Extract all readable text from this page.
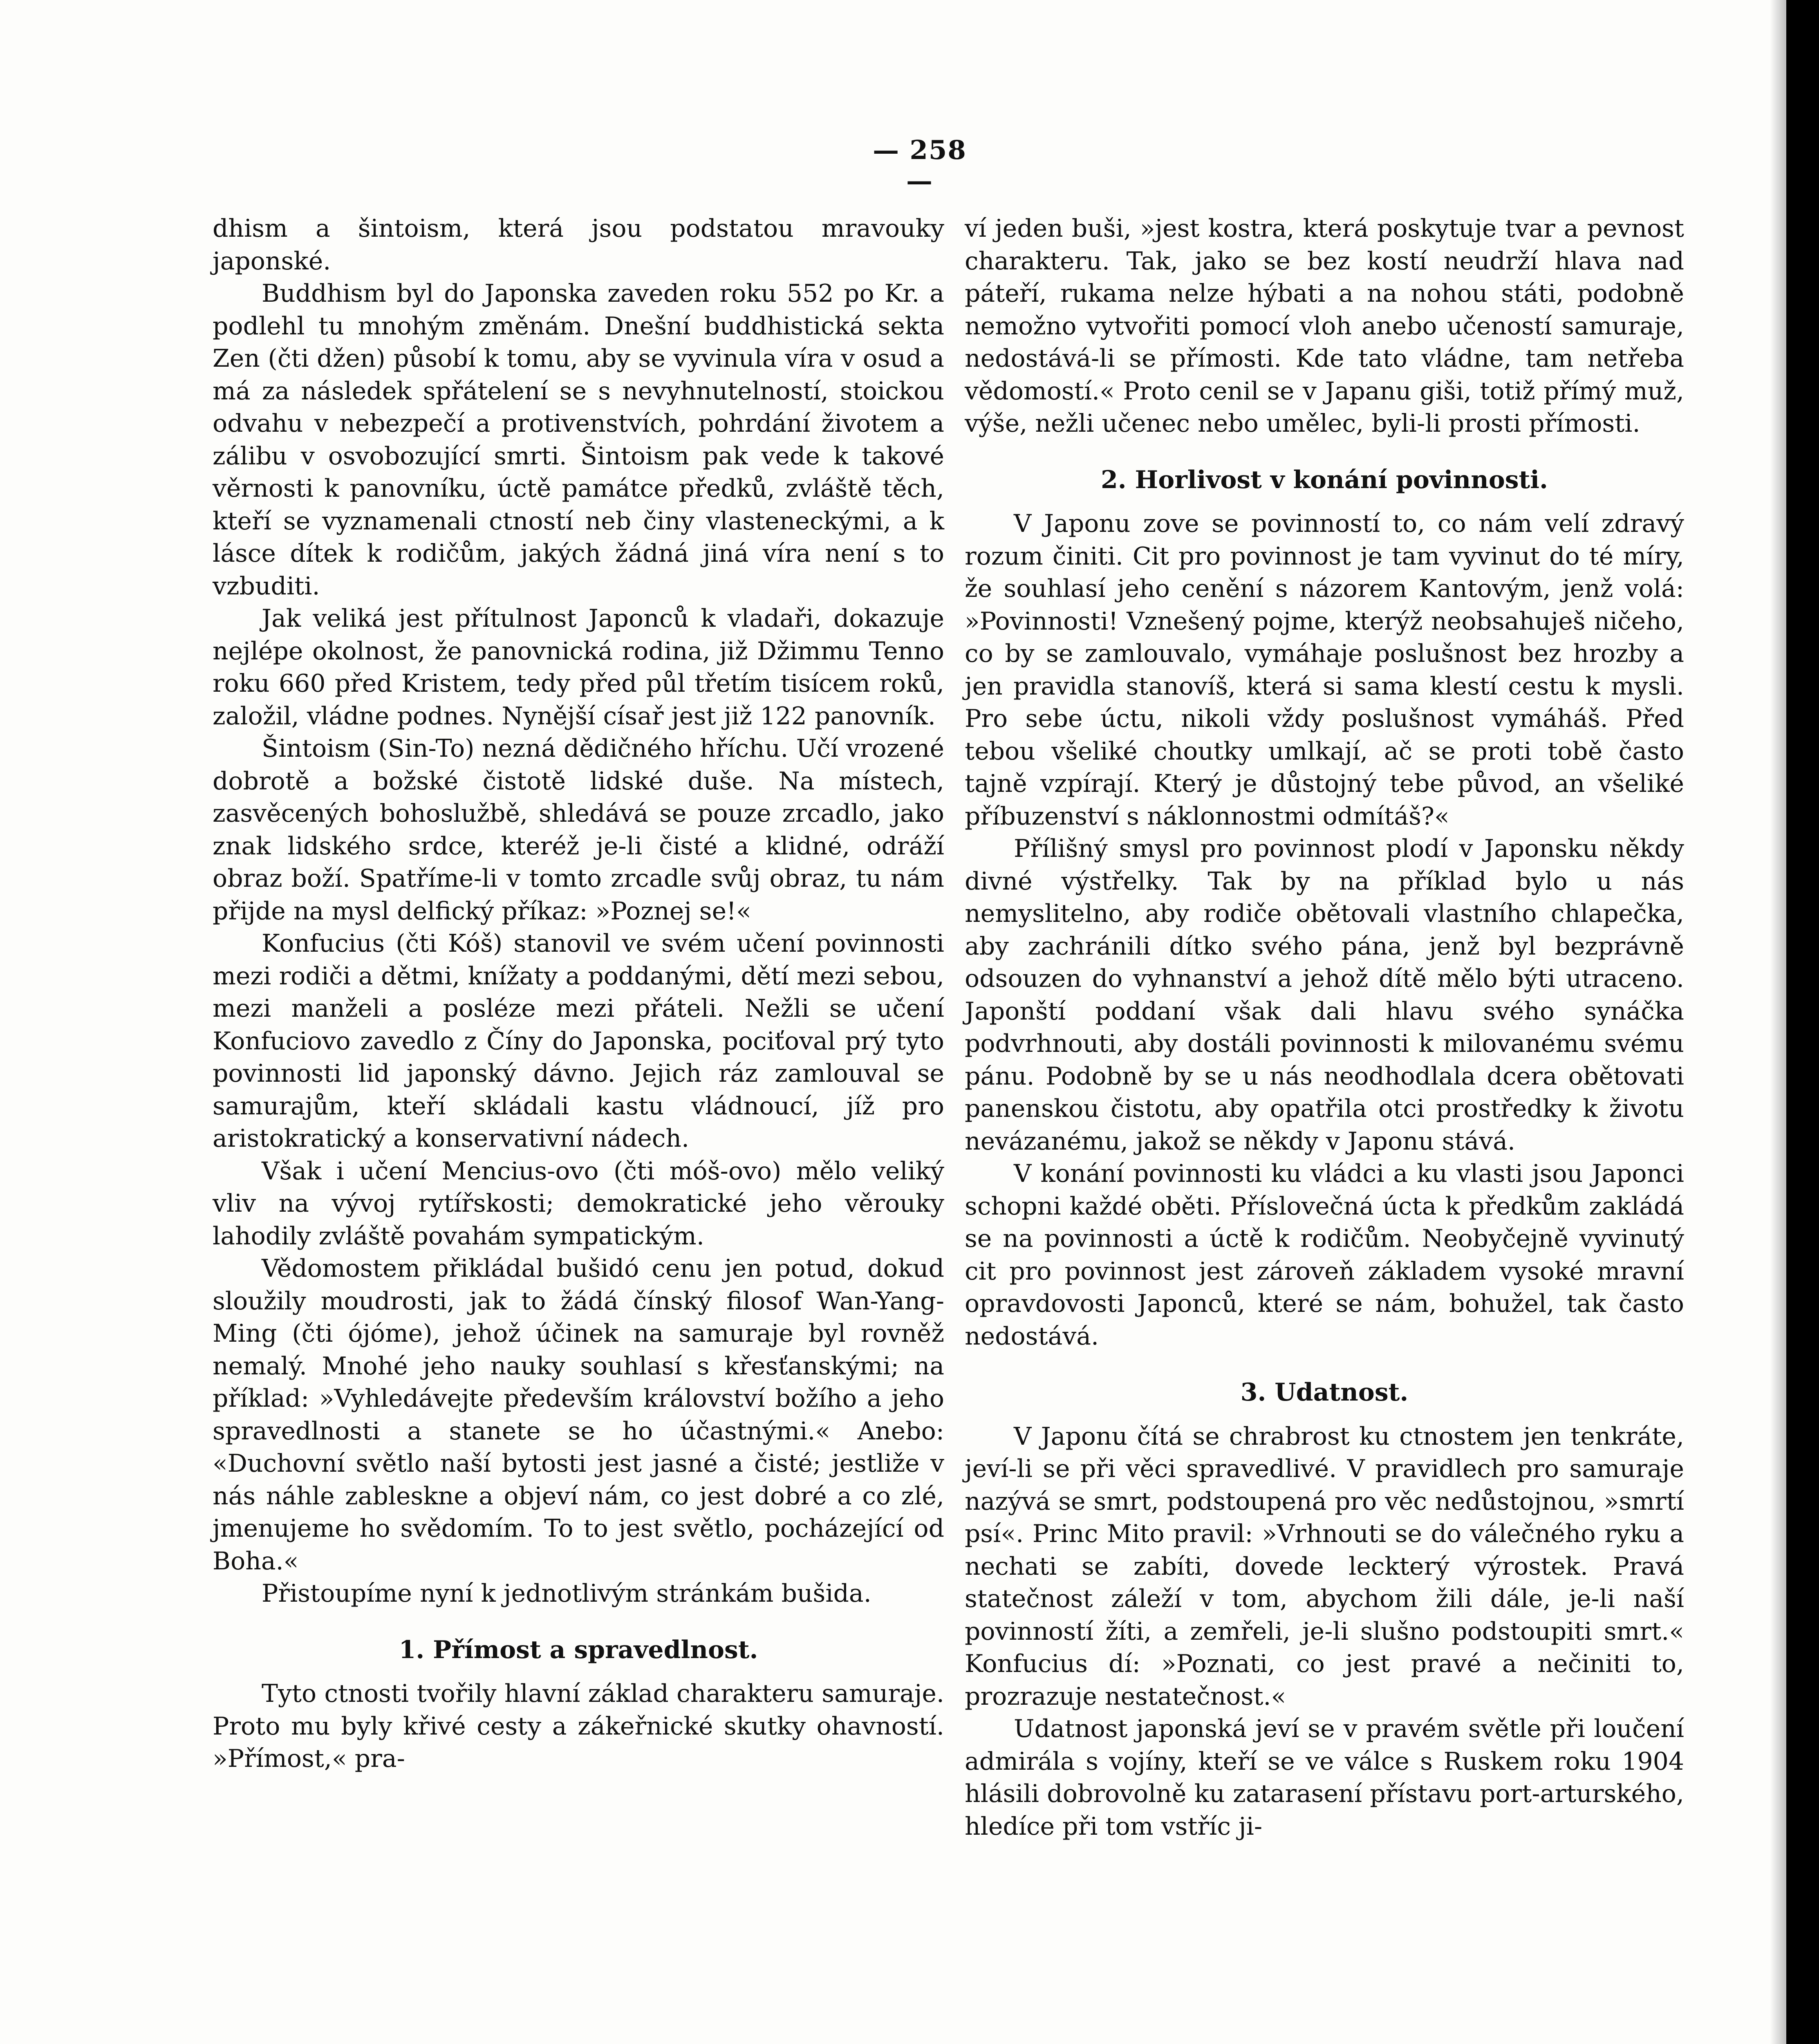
— 258 —

dhism a šintoism, která jsou podstatou mravouky japonské.

Buddhism byl do Japonska zaveden roku 552 po Kr. a podlehl tu mnohým změnám. Dnešní buddhistická sekta Zen (čti džen) působí k tomu, aby se vyvinula víra v osud a má za následek spřátelení se s nevyhnutelností, stoickou odvahu v nebezpečí a protivenstvích, pohrdání životem a zálibu v osvobozující smrti. Šintoism pak vede k takové věrnosti k panovníku, úctě památce předků, zvláště těch, kteří se vyznamenali ctností neb činy vlasteneckými, a k lásce dítek k rodičům, jakých žádná jiná víra není s to vzbuditi.

Jak veliká jest přítulnost Japonců k vladaři, dokazuje nejlépe okolnost, že panovnická rodina, již Džimmu Tenno roku 660 před Kristem, tedy před půl třetím tisícem roků, založil, vládne podnes. Nynější císař jest již 122 panovník.

Šintoism (Sin-To) nezná dědičného hříchu. Učí vrozené dobrotě a božské čistotě lidské duše. Na místech, zasvěcených bohoslužbě, shledává se pouze zrcadlo, jako znak lidského srdce, kteréž je-li čisté a klidné, odráží obraz boží. Spatříme-li v tomto zrcadle svůj obraz, tu nám přijde na mysl delfický příkaz: »Poznej se!«

Konfucius (čti Kóš) stanovil ve svém učení povinnosti mezi rodiči a dětmi, knížaty a poddanými, dětí mezi sebou, mezi manželi a posléze mezi přáteli. Nežli se učení Konfuciovo zavedlo z Číny do Japonska, pociťoval prý tyto povinnosti lid japonský dávno. Jejich ráz zamlouval se samurajům, kteří skládali kastu vládnoucí, jíž pro aristokratický a konservativní nádech.

Však i učení Mencius-ovo (čti móš-ovo) mělo veliký vliv na vývoj rytířskosti; demokratické jeho věrouky lahodily zvláště povahám sympatickým.

Vědomostem přikládal bušidó cenu jen potud, dokud sloužily moudrosti, jak to žádá čínský filosof Wan-Yang-Ming (čti ójóme), jehož účinek na samuraje byl rovněž nemalý. Mnohé jeho nauky souhlasí s křesťanskými; na příklad: »Vyhledávejte především království božího a jeho spravedlnosti a stanete se ho účastnými.« Anebo: «Duchovní světlo naší bytosti jest jasné a čisté; jestliže v nás náhle zableskne a objeví nám, co jest dobré a co zlé, jmenujeme ho svědomím. To to jest světlo, pocházející od Boha.«

Přistoupíme nyní k jednotlivým stránkám bušida.

1. Přímost a spravedlnost.

Tyto ctnosti tvořily hlavní základ charakteru samuraje. Proto mu byly křivé cesty a zákeřnické skutky ohavností. »Přímost,« pra-

ví jeden buši, »jest kostra, která poskytuje tvar a pevnost charakteru. Tak, jako se bez kostí neudrží hlava nad páteří, rukama nelze hýbati a na nohou státi, podobně nemožno vytvořiti pomocí vloh anebo učeností samuraje, nedostává-li se přímosti. Kde tato vládne, tam netřeba vědomostí.« Proto cenil se v Japanu giši, totiž přímý muž, výše, nežli učenec nebo umělec, byli-li prosti přímosti.

2. Horlivost v konání povinnosti.

V Japonu zove se povinností to, co nám velí zdravý rozum činiti. Cit pro povinnost je tam vyvinut do té míry, že souhlasí jeho cenění s názorem Kantovým, jenž volá: »Povinnosti! Vznešený pojme, kterýž neobsahuješ ničeho, co by se zamlouvalo, vymáhaje poslušnost bez hrozby a jen pravidla stanovíš, která si sama klestí cestu k mysli. Pro sebe úctu, nikoli vždy poslušnost vymáháš. Před tebou všeliké choutky umlkají, ač se proti tobě často tajně vzpírají. Který je důstojný tebe původ, an všeliké příbuzenství s náklonnostmi odmítáš?«

Přílišný smysl pro povinnost plodí v Japonsku někdy divné výstřelky. Tak by na příklad bylo u nás nemyslitelno, aby rodiče obětovali vlastního chlapečka, aby zachránili dítko svého pána, jenž byl bezprávně odsouzen do vyhnanství a jehož dítě mělo býti utraceno. Japonští poddaní však dali hlavu svého synáčka podvrhnouti, aby dostáli povinnosti k milovanému svému pánu. Podobně by se u nás neodhodlala dcera obětovati panenskou čistotu, aby opatřila otci prostředky k životu nevázanému, jakož se někdy v Japonu stává.

V konání povinnosti ku vládci a ku vlasti jsou Japonci schopni každé oběti. Příslovečná úcta k předkům zakládá se na povinnosti a úctě k rodičům. Neobyčejně vyvinutý cit pro povinnost jest zároveň základem vysoké mravní opravdovosti Japonců, které se nám, bohužel, tak často nedostává.

3. Udatnost.

V Japonu čítá se chrabrost ku ctnostem jen tenkráte, jeví-li se při věci spravedlivé. V pravidlech pro samuraje nazývá se smrt, podstoupená pro věc nedůstojnou, »smrtí psí«. Princ Mito pravil: »Vrhnouti se do válečného ryku a nechati se zabíti, dovede leckterý výrostek. Pravá statečnost záleží v tom, abychom žili dále, je-li naší povinností žíti, a zemřeli, je-li slušno podstoupiti smrt.« Konfucius dí: »Poznati, co jest pravé a nečiniti to, prozrazuje nestatečnost.«

Udatnost japonská jeví se v pravém světle při loučení admirála s vojíny, kteří se ve válce s Ruskem roku 1904 hlásili dobrovolně ku zatarasení přístavu port-arturského, hledíce při tom vstříc ji-
